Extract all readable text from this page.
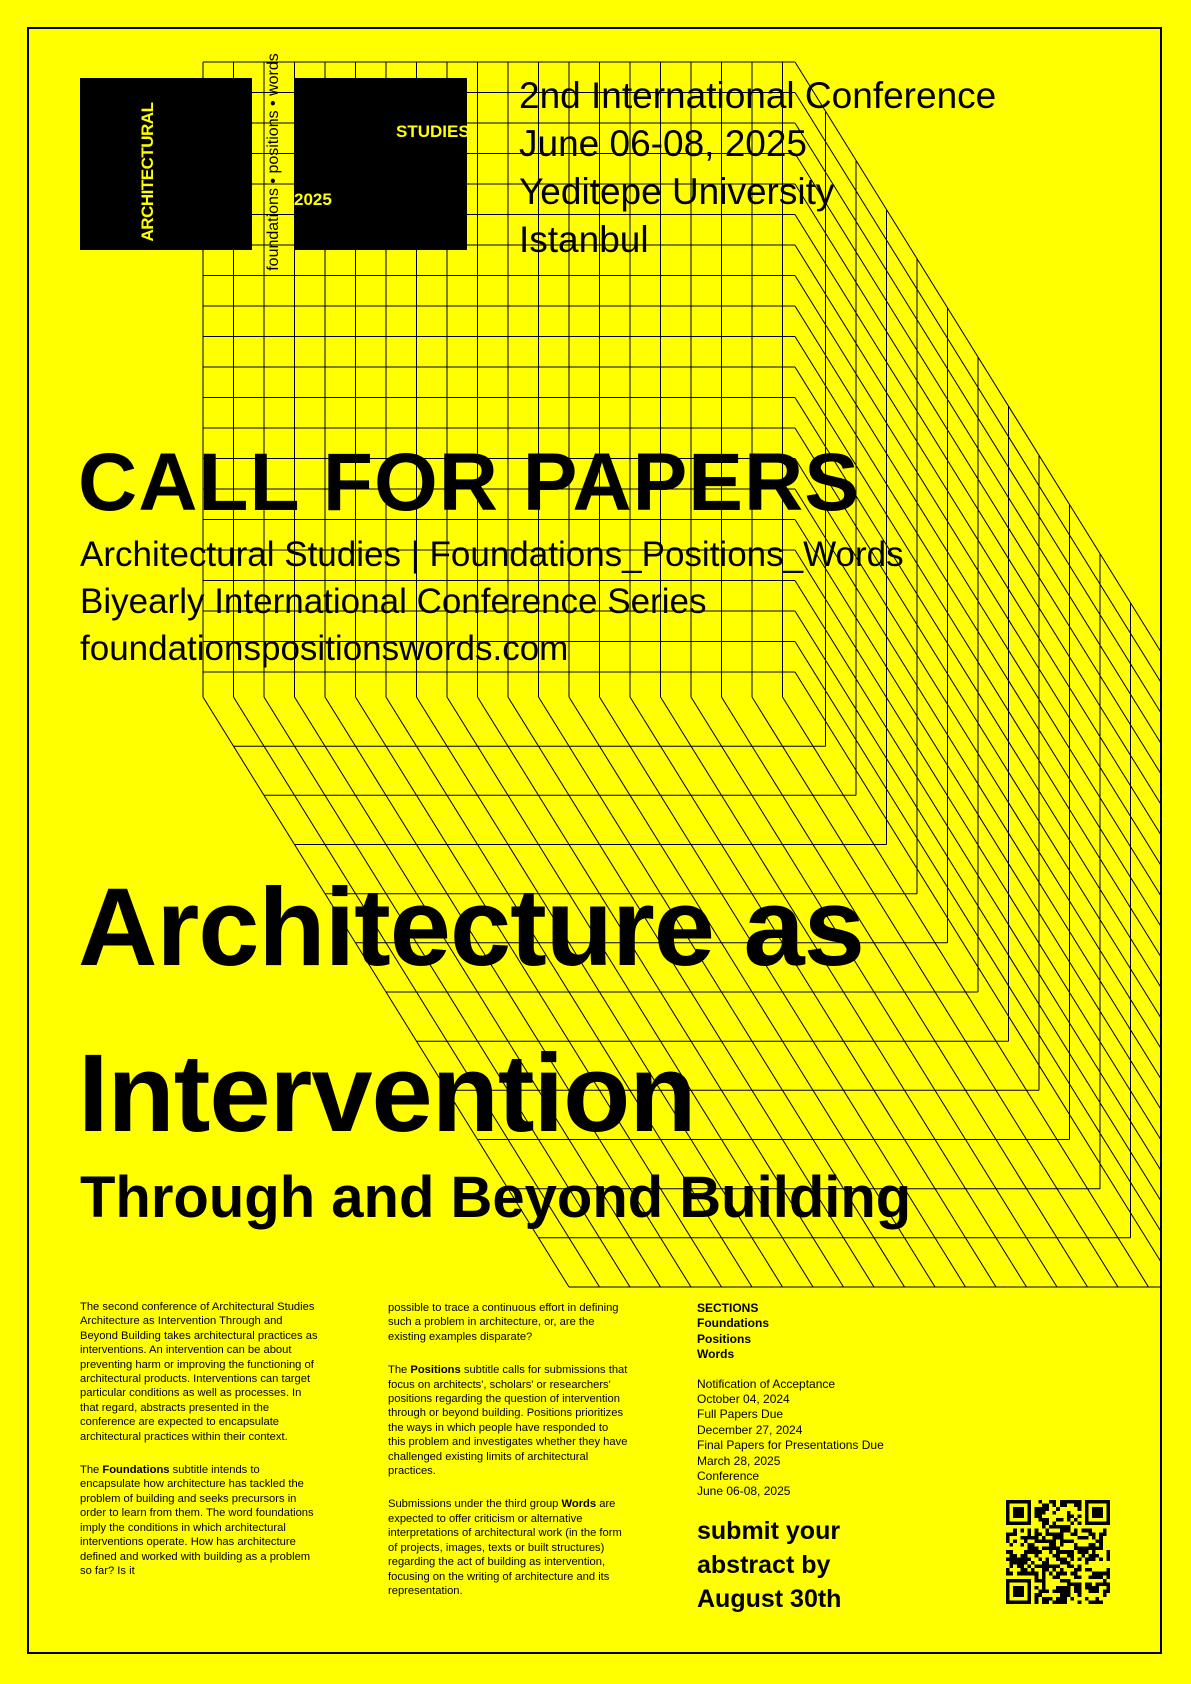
ARCHITECTURAL	STUDIES
2025
foundations • positions • words	2nd International Conference
June 06-08, 2025
Yeditepe University
Istanbul
CALL FOR PAPERS
Architectural Studies | Foundations_Positions_Words
Biyearly International Conference Series
foundationspositionswords.com
Architecture as
Intervention
Through and Beyond Building

The second conference of Architectural Studies Architecture as Intervention Through and Beyond Building takes architectural practices as interventions. An intervention can be about preventing harm or improving the functioning of architectural products. Interventions can target particular conditions as well as processes. In that regard, abstracts presented in the conference are expected to encapsulate architectural practices within their context.

The Foundations subtitle intends to encapsulate how architecture has tackled the problem of building and seeks precursors in order to learn from them. The word foundations imply the conditions in which architectural interventions operate. How has architecture defined and worked with building as a problem so far? Is it

possible to trace a continuous effort in defining such a problem in architecture, or, are the existing examples disparate?

The Positions subtitle calls for submissions that focus on architects', scholars' or researchers' positions regarding the question of intervention through or beyond building. Positions prioritizes the ways in which people have responded to this problem and investigates whether they have challenged existing limits of architectural practices.

Submissions under the third group Words are expected to offer criticism or alternative interpretations of architectural work (in the form of projects, images, texts or built structures) regarding the act of building as intervention, focusing on the writing of architecture and its representation.

SECTIONS
Foundations
Positions
Words
Notification of Acceptance
October 04, 2024
Full Papers Due
December 27, 2024
Final Papers for Presentations Due
March 28, 2025
Conference
June 06-08, 2025
submit your
abstract by
August 30th
